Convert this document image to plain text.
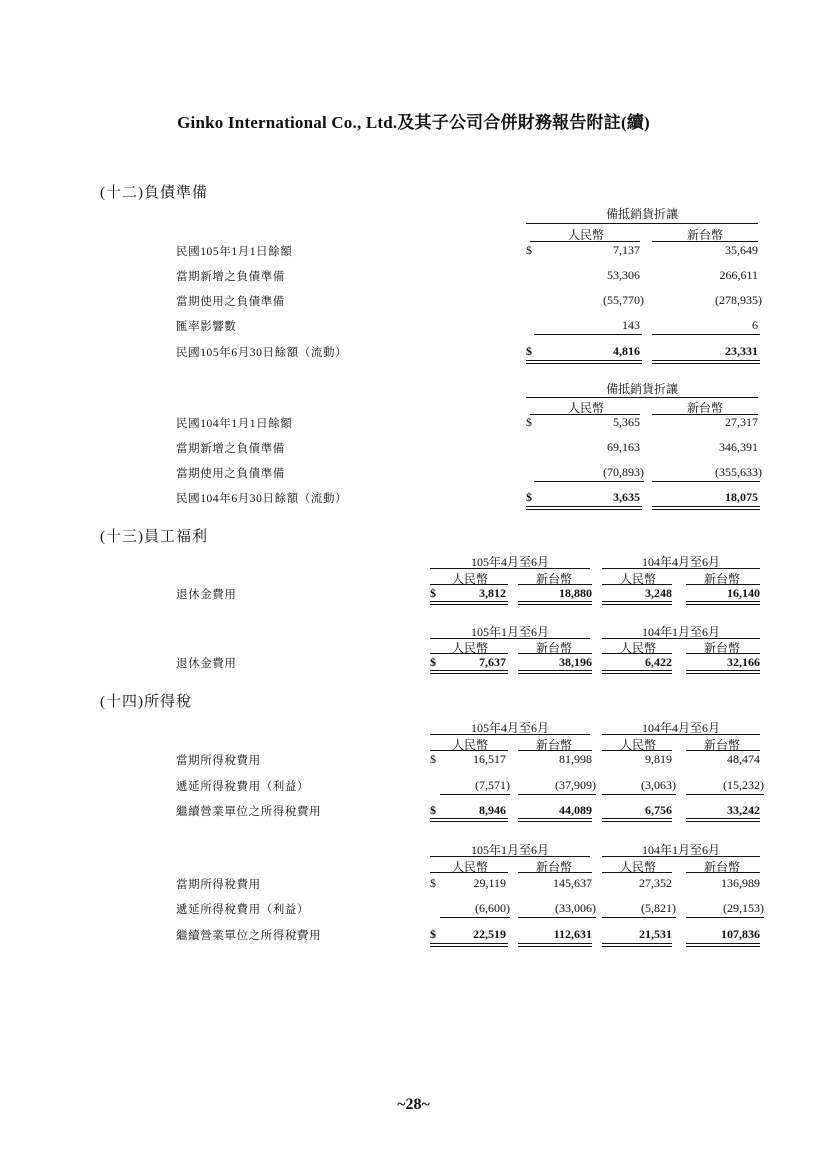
Ginko International Co., Ltd.及其子公司合併財務報告附註(續)
(十二)負債準備
備抵銷貨折讓
人民幣	新台幣
民國105年1月1日餘額	$	7,137	35,649
當期新增之負債準備	53,306	266,611
當期使用之負債準備	(55,770)	(278,935)
匯率影響數	143	6
民國105年6月30日餘額（流動）	$	4,816	23,331
備抵銷貨折讓
人民幣	新台幣
民國104年1月1日餘額	$	5,365	27,317
當期新增之負債準備	69,163	346,391
當期使用之負債準備	(70,893)	(355,633)
民國104年6月30日餘額（流動）	$	3,635	18,075
(十三)員工福利
105年4月至6月	104年4月至6月
人民幣	新台幣	人民幣	新台幣
退休金費用	$	3,812	18,880	3,248	16,140
105年1月至6月	104年1月至6月
人民幣	新台幣	人民幣	新台幣
退休金費用	$	7,637	38,196	6,422	32,166
(十四)所得稅
105年4月至6月	104年4月至6月
人民幣	新台幣	人民幣	新台幣
當期所得稅費用	$	16,517	81,998	9,819	48,474
遞延所得稅費用（利益）	(7,571)	(37,909)	(3,063)	(15,232)
繼續營業單位之所得稅費用	$	8,946	44,089	6,756	33,242
105年1月至6月	104年1月至6月
人民幣	新台幣	人民幣	新台幣
當期所得稅費用	$	29,119	145,637	27,352	136,989
遞延所得稅費用（利益）	(6,600)	(33,006)	(5,821)	(29,153)
繼續營業單位之所得稅費用	$	22,519	112,631	21,531	107,836
~28~
